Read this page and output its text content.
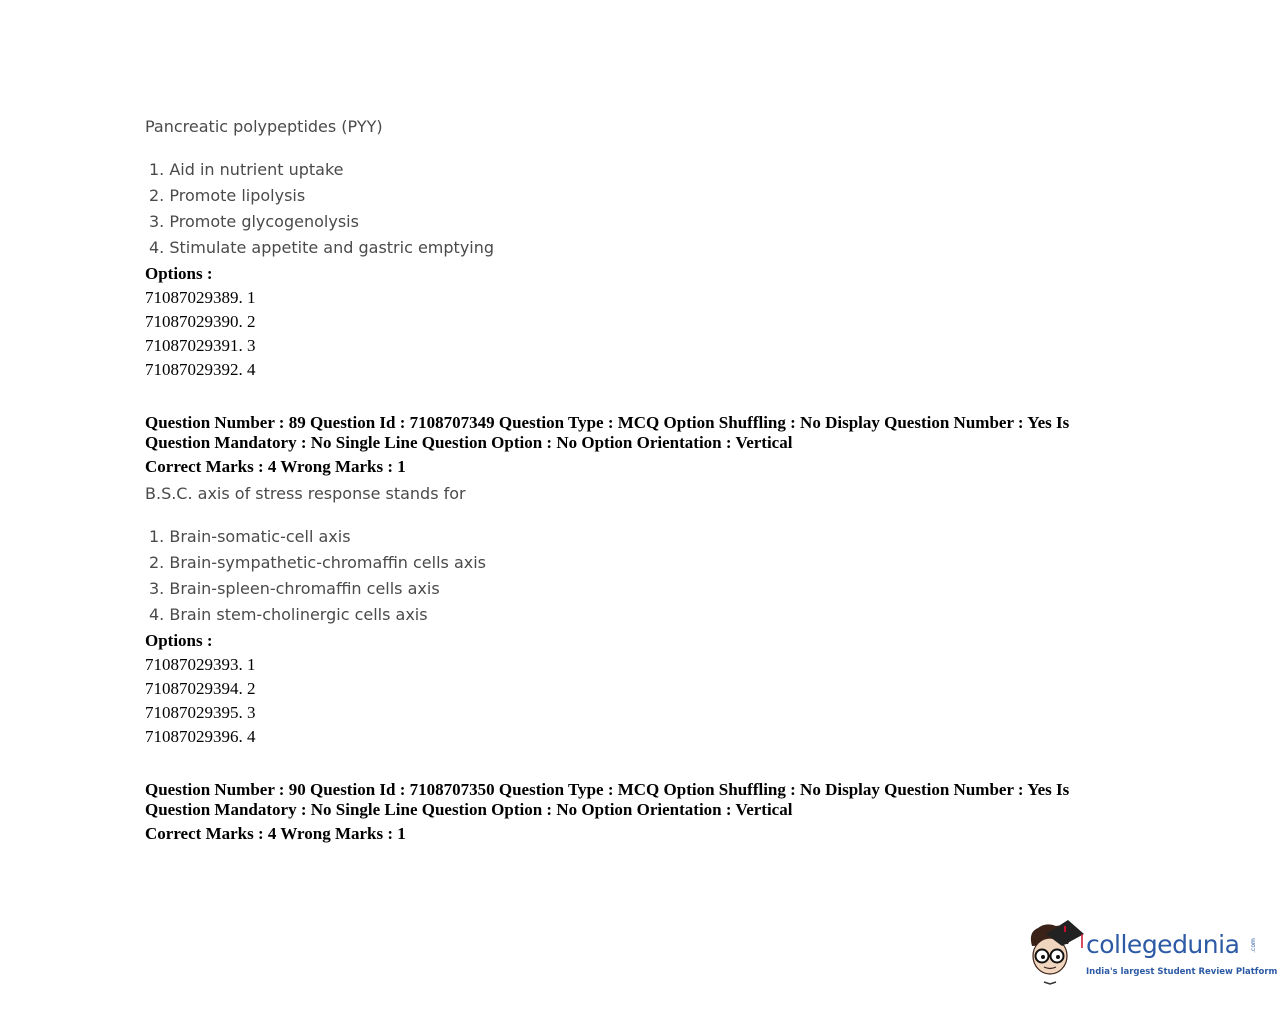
Pancreatic polypeptides (PYY)
1. Aid in nutrient uptake
2. Promote lipolysis
3. Promote glycogenolysis
4. Stimulate appetite and gastric emptying
Options :
71087029389. 1
71087029390. 2
71087029391. 3
71087029392. 4
Question Number : 89 Question Id : 7108707349 Question Type : MCQ Option Shuffling : No Display Question Number : Yes Is Question Mandatory : No Single Line Question Option : No Option Orientation : Vertical
Correct Marks : 4 Wrong Marks : 1
B.S.C. axis of stress response stands for
1. Brain-somatic-cell axis
2. Brain-sympathetic-chromaffin cells axis
3. Brain-spleen-chromaffin cells axis
4. Brain stem-cholinergic cells axis
Options :
71087029393. 1
71087029394. 2
71087029395. 3
71087029396. 4
Question Number : 90 Question Id : 7108707350 Question Type : MCQ Option Shuffling : No Display Question Number : Yes Is Question Mandatory : No Single Line Question Option : No Option Orientation : Vertical
Correct Marks : 4 Wrong Marks : 1
collegedunia .com
India's largest Student Review Platform
